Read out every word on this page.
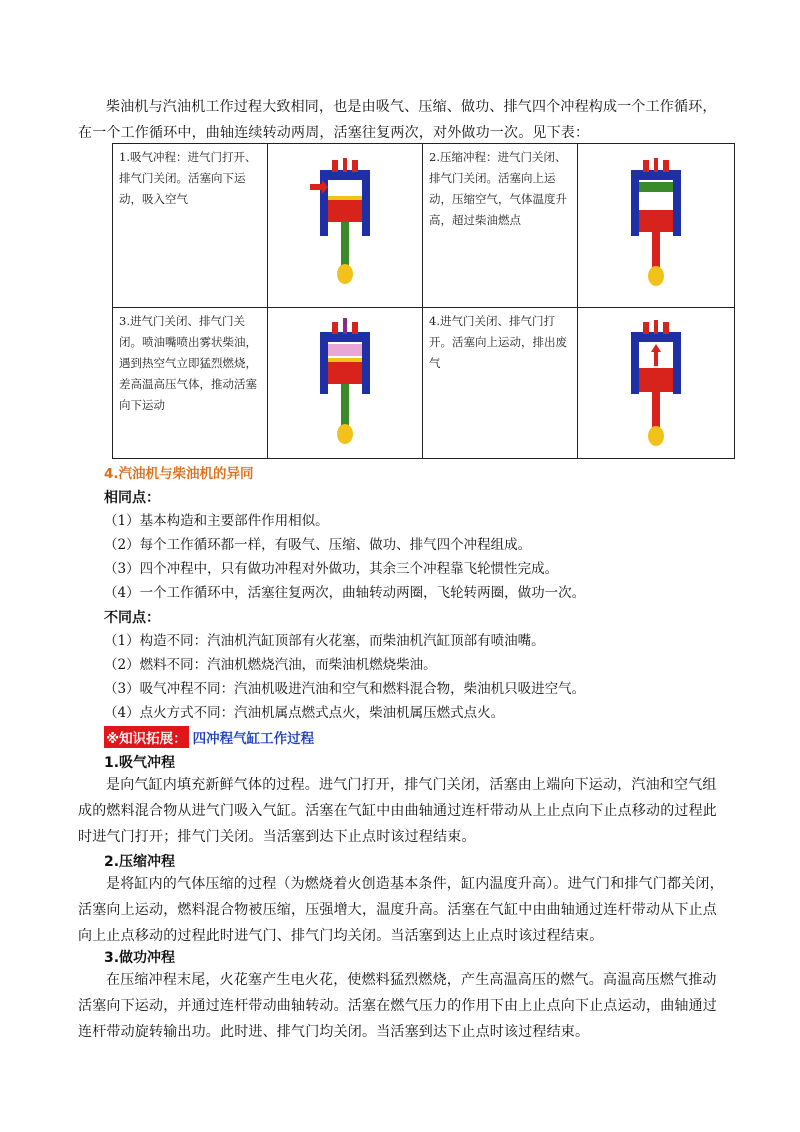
柴油机与汽油机工作过程大致相同，也是由吸气、压缩、做功、排气四个冲程构成一个工作循环，在一个工作循环中，曲轴连续转动两周，活塞往复两次，对外做功一次。见下表：
1.吸气冲程：进气门打开、排气门关闭。活塞向下运动，吸入空气		2.压缩冲程：进气门关闭、排气门关闭。活塞向上运动，压缩空气，气体温度升高，超过柴油燃点

3.进气门关闭、排气门关闭。喷油嘴喷出雾状柴油，遇到热空气立即猛烈燃烧，差高温高压气体，推动活塞向下运动		4.进气门关闭、排气门打开。活塞向上运动，排出废气

4.汽油机与柴油机的异同
相同点：
（1）基本构造和主要部件作用相似。
（2）每个工作循环都一样，有吸气、压缩、做功、排气四个冲程组成。
（3）四个冲程中，只有做功冲程对外做功，其余三个冲程靠飞轮惯性完成。
（4）一个工作循环中，活塞往复两次，曲轴转动两圈，飞轮转两圈，做功一次。
不同点：
（1）构造不同：汽油机汽缸顶部有火花塞，而柴油机汽缸顶部有喷油嘴。
（2）燃料不同：汽油机燃烧汽油，而柴油机燃烧柴油。
（3）吸气冲程不同：汽油机吸进汽油和空气和燃料混合物，柴油机只吸进空气。
（4）点火方式不同：汽油机属点燃式点火，柴油机属压燃式点火。
※知识拓展： 四冲程气缸工作过程
1.吸气冲程
是向气缸内填充新鲜气体的过程。进气门打开，排气门关闭，活塞由上端向下运动，汽油和空气组成的燃料混合物从进气门吸入气缸。活塞在气缸中由曲轴通过连杆带动从上止点向下止点移动的过程此时进气门打开；排气门关闭。当活塞到达下止点时该过程结束。
2.压缩冲程
是将缸内的气体压缩的过程（为燃烧着火创造基本条件，缸内温度升高）。进气门和排气门都关闭，活塞向上运动，燃料混合物被压缩，压强增大，温度升高。活塞在气缸中由曲轴通过连杆带动从下止点向上止点移动的过程此时进气门、排气门均关闭。当活塞到达上止点时该过程结束。
3.做功冲程
在压缩冲程末尾，火花塞产生电火花，使燃料猛烈燃烧，产生高温高压的燃气。高温高压燃气推动活塞向下运动，并通过连杆带动曲轴转动。活塞在燃气压力的作用下由上止点向下止点运动，曲轴通过连杆带动旋转输出功。此时进、排气门均关闭。当活塞到达下止点时该过程结束。
